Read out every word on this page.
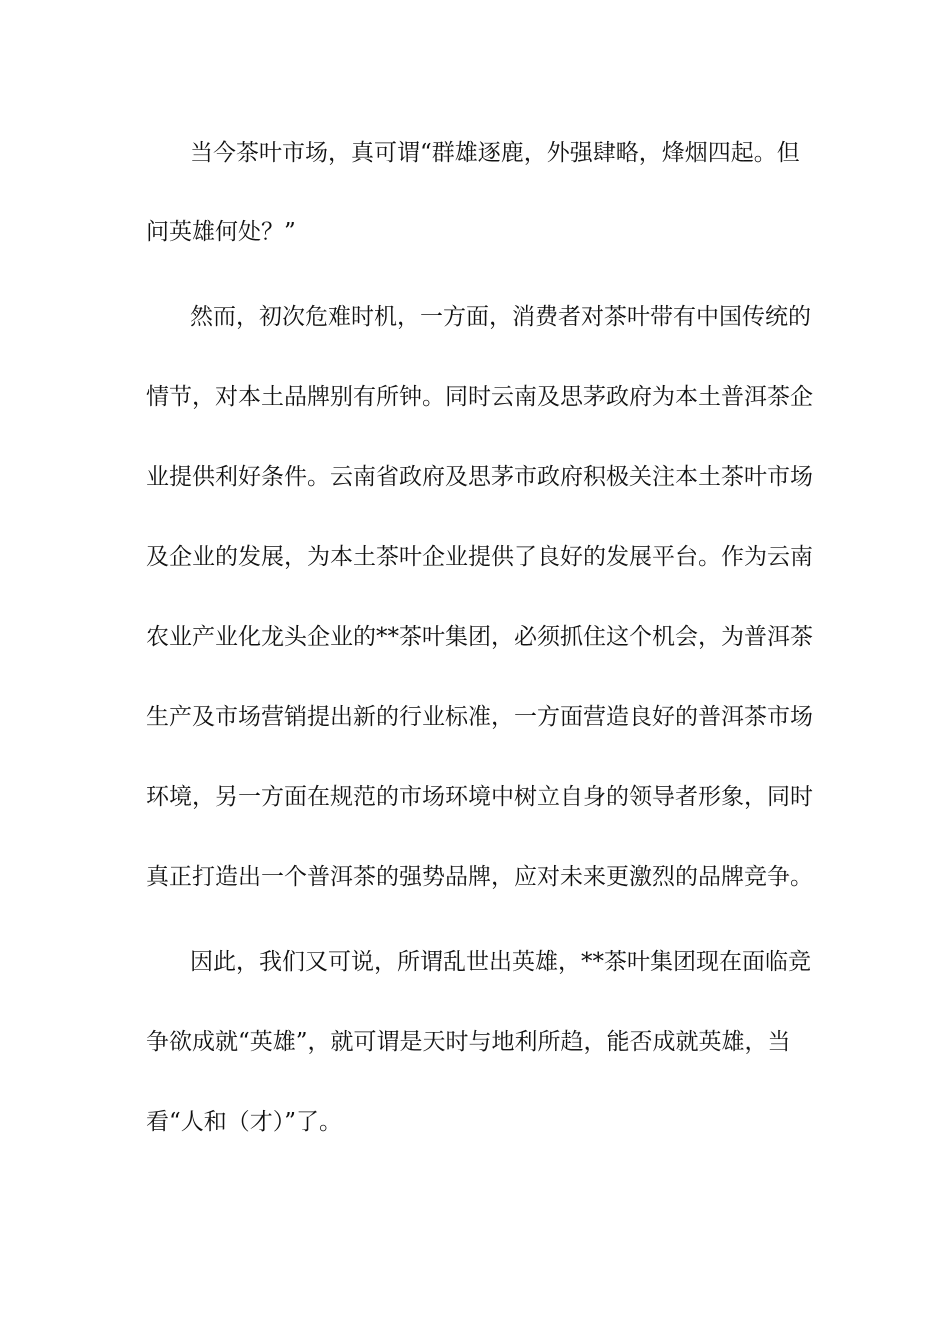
当今茶叶市场，真可谓“群雄逐鹿，外强肆略，烽烟四起。但
问英雄何处？”
然而，初次危难时机，一方面，消费者对茶叶带有中国传统的
情节，对本土品牌别有所钟。同时云南及思茅政府为本土普洱茶企
业提供利好条件。云南省政府及思茅市政府积极关注本土茶叶市场
及企业的发展，为本土茶叶企业提供了良好的发展平台。作为云南
农业产业化龙头企业的**茶叶集团，必须抓住这个机会，为普洱茶
生产及市场营销提出新的行业标准，一方面营造良好的普洱茶市场
环境，另一方面在规范的市场环境中树立自身的领导者形象，同时
真正打造出一个普洱茶的强势品牌，应对未来更激烈的品牌竞争。
因此，我们又可说，所谓乱世出英雄，**茶叶集团现在面临竞
争欲成就“英雄”，就可谓是天时与地利所趋，能否成就英雄，当
看“人和（才）”了。
